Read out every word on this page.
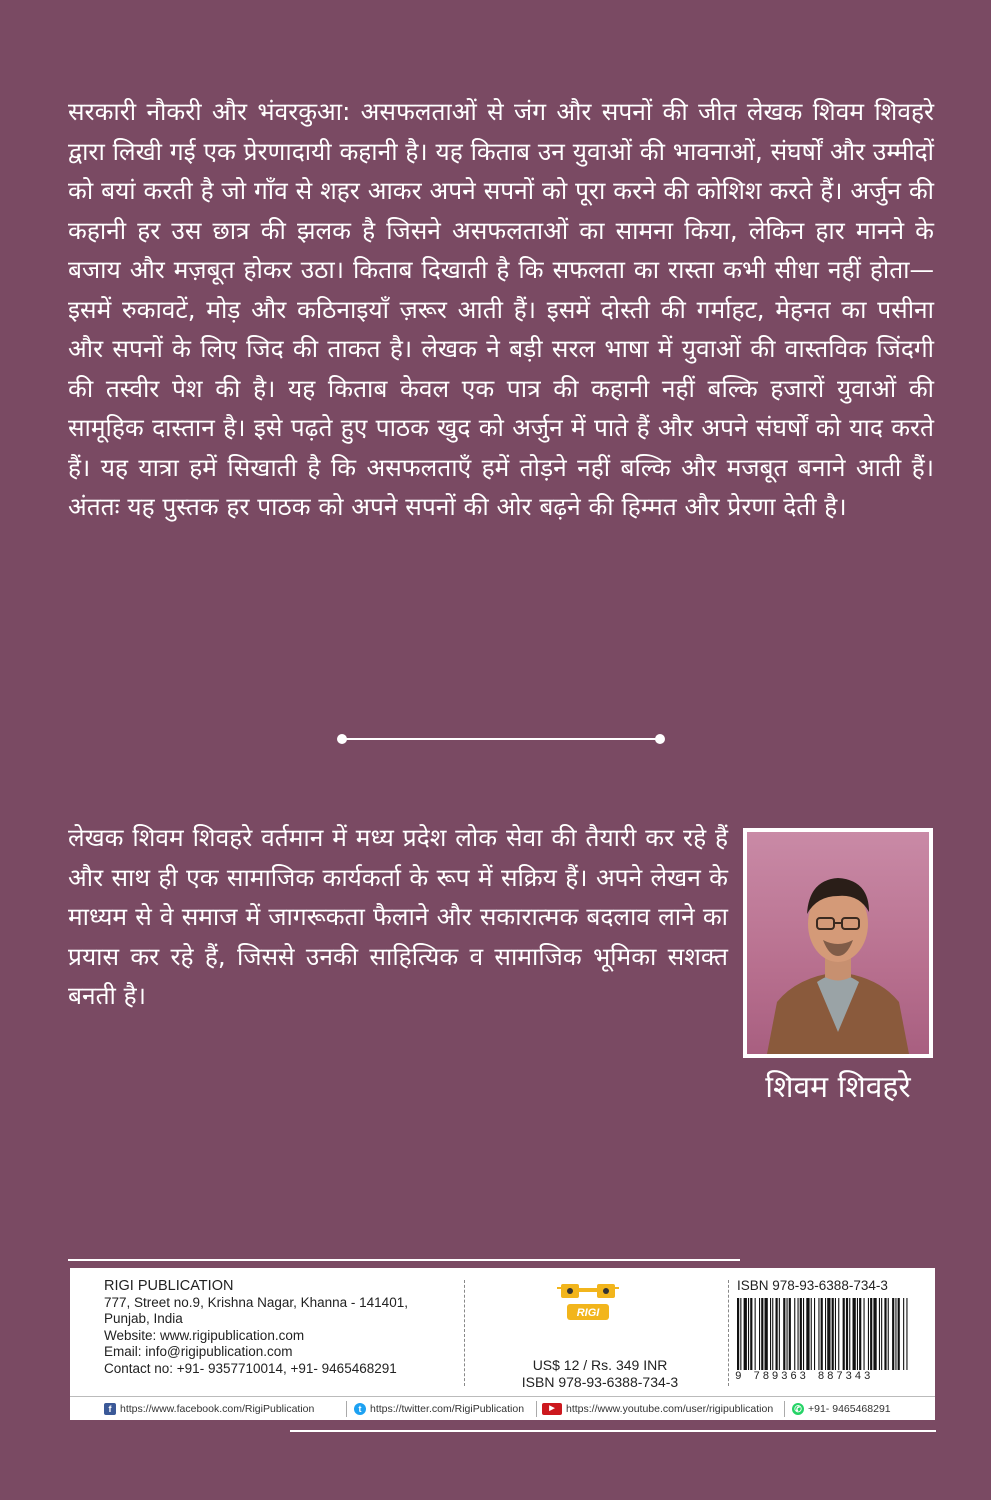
सरकारी नौकरी और भंवरकुआ: असफलताओं से जंग और सपनों की जीत लेखक शिवम शिवहरे द्वारा लिखी गई एक प्रेरणादायी कहानी है। यह किताब उन युवाओं की भावनाओं, संघर्षों और उम्मीदों को बयां करती है जो गाँव से शहर आकर अपने सपनों को पूरा करने की कोशिश करते हैं। अर्जुन की कहानी हर उस छात्र की झलक है जिसने असफलताओं का सामना किया, लेकिन हार मानने के बजाय और मज़बूत होकर उठा। किताब दिखाती है कि सफलता का रास्ता कभी सीधा नहीं होता—इसमें रुकावटें, मोड़ और कठिनाइयाँ ज़रूर आती हैं। इसमें दोस्ती की गर्माहट, मेहनत का पसीना और सपनों के लिए जिद की ताकत है। लेखक ने बड़ी सरल भाषा में युवाओं की वास्तविक जिंदगी की तस्वीर पेश की है। यह किताब केवल एक पात्र की कहानी नहीं बल्कि हजारों युवाओं की सामूहिक दास्तान है। इसे पढ़ते हुए पाठक खुद को अर्जुन में पाते हैं और अपने संघर्षों को याद करते हैं। यह यात्रा हमें सिखाती है कि असफलताएँ हमें तोड़ने नहीं बल्कि और मजबूत बनाने आती हैं। अंततः यह पुस्तक हर पाठक को अपने सपनों की ओर बढ़ने की हिम्मत और प्रेरणा देती है।

लेखक शिवम शिवहरे वर्तमान में मध्य प्रदेश लोक सेवा की तैयारी कर रहे हैं और साथ ही एक सामाजिक कार्यकर्ता के रूप में सक्रिय हैं। अपने लेखन के माध्यम से वे समाज में जागरूकता फैलाने और सकारात्मक बदलाव लाने का प्रयास कर रहे हैं, जिससे उनकी साहित्यिक व सामाजिक भूमिका सशक्त बनती है।

शिवम शिवहरे
RIGI PUBLICATION
777, Street no.9, Krishna Nagar, Khanna - 141401,
Punjab, India
Website: www.rigipublication.com
Email: info@rigipublication.com
Contact no: +91- 9357710014, +91- 9465468291
RIGI
US$ 12 / Rs. 349 INR
ISBN 978-93-6388-734-3
ISBN 978-93-6388-734-3
9 789363 887343
f https://www.facebook.com/RigiPublication	t https://twitter.com/RigiPublication	▶	https://www.youtube.com/user/rigipublication ✆ +91- 9465468291
